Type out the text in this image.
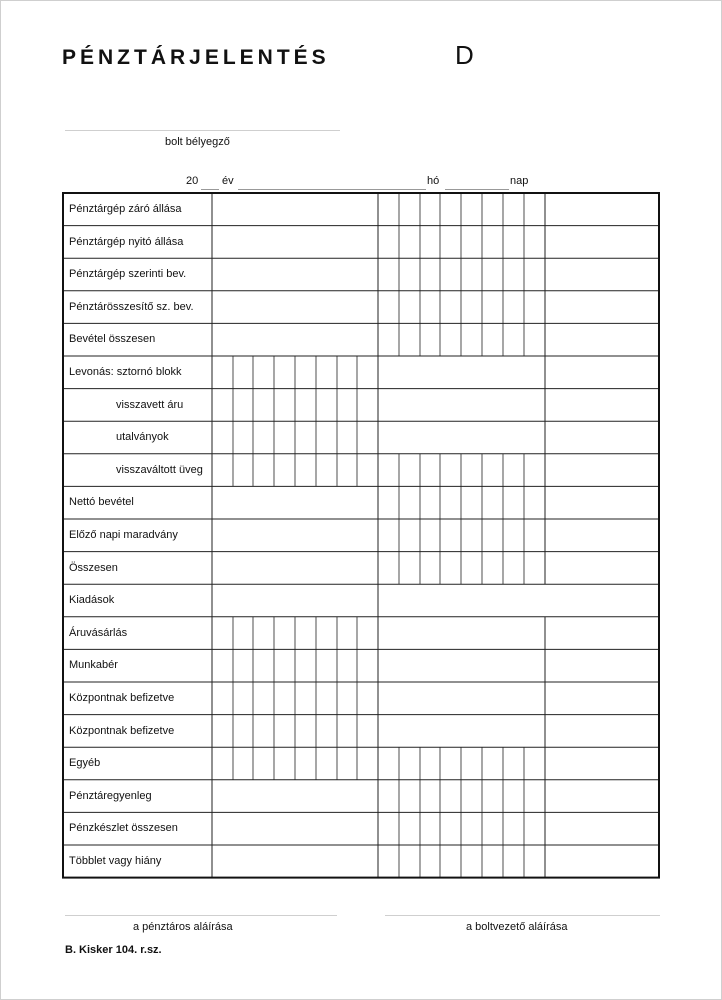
PÉNZTÁRJELENTÉS	D
bolt bélyegző
20 év	hó	nap
Pénztárgép záró állása
Pénztárgép nyitó állása
Pénztárgép szerinti bev.
Pénztárösszesítő sz. bev.
Bevétel összesen
Levonás: sztornó blokk
visszavett áru
utalványok
visszaváltott üveg
Nettó bevétel
Előző napi maradvány
Összesen
Kiadások
Áruvásárlás
Munkabér
Központnak befizetve
Központnak befizetve
Egyéb
Pénztáregyenleg
Pénzkészlet összesen
Többlet vagy hiány
a pénztáros aláírása	a boltvezető aláírása
B. Kisker 104. r.sz.
